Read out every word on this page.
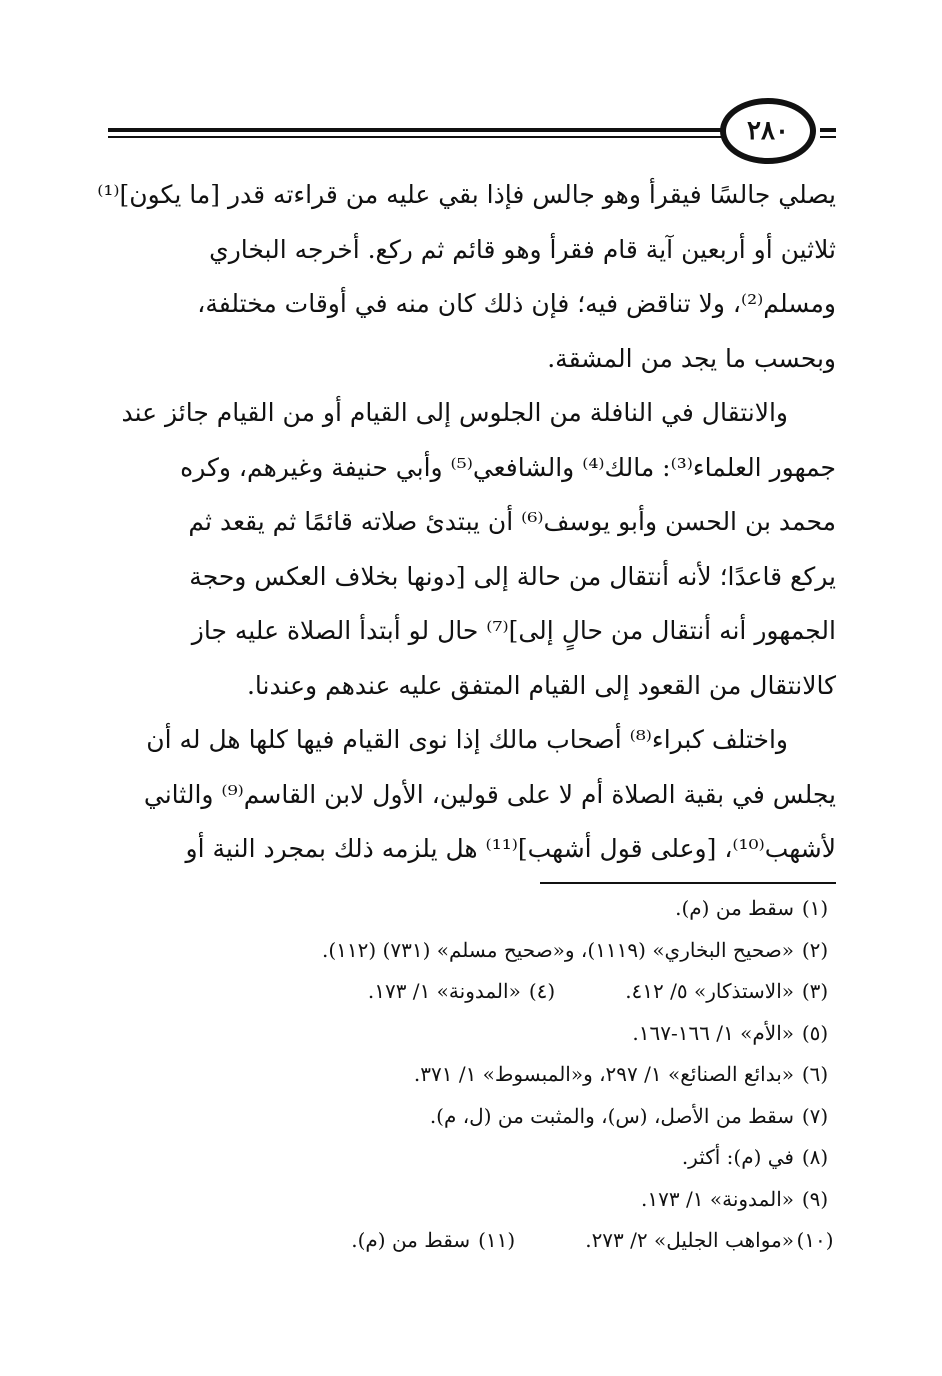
٢٨٠
يصلي جالسًا فيقرأ وهو جالس فإذا بقي عليه من قراءته قدر [ما يكون]⁽¹⁾
ثلاثين أو أربعين آية قام فقرأ وهو قائم ثم ركع. أخرجه البخاري
ومسلم⁽²⁾، ولا تناقض فيه؛ فإن ذلك كان منه في أوقات مختلفة،
وبحسب ما يجد من المشقة.
والانتقال في النافلة من الجلوس إلى القيام أو من القيام جائز عند
جمهور العلماء⁽³⁾: مالك⁽⁴⁾ والشافعي⁽⁵⁾ وأبي حنيفة وغيرهم، وكره
محمد بن الحسن وأبو يوسف⁽⁶⁾ أن يبتدئ صلاته قائمًا ثم يقعد ثم
يركع قاعدًا؛ لأنه أنتقال من حالة إلى [دونها بخلاف العكس وحجة
الجمهور أنه أنتقال من حالٍ إلى]⁽⁷⁾ حال لو أبتدأ الصلاة عليه جاز
كالانتقال من القعود إلى القيام المتفق عليه عندهم وعندنا.
واختلف كبراء⁽⁸⁾ أصحاب مالك إذا نوى القيام فيها كلها هل له أن
يجلس في بقية الصلاة أم لا على قولين، الأول لابن القاسم⁽⁹⁾ والثاني
لأشهب⁽¹⁰⁾، [وعلى قول أشهب]⁽¹¹⁾ هل يلزمه ذلك بمجرد النية أو
(١)
سقط من (م).
(٢)
«صحيح البخاري» (١١١٩)، و«صحيح مسلم» (٧٣١) (١١٢).
(٣)
«الاستذكار» ٥/ ٤١٢.
(٤)
«المدونة» ١/ ١٧٣.
(٥)
«الأم» ١/ ١٦٦-١٦٧.
(٦)
«بدائع الصنائع» ١/ ٢٩٧، و«المبسوط» ١/ ٣٧١.
(٧)
سقط من الأصل، (س)، والمثبت من (ل، م).
(٨)
في (م): أكثر.
(٩)
«المدونة» ١/ ١٧٣.
(١٠)
«مواهب الجليل» ٢/ ٢٧٣.
(١١)
سقط من (م).
